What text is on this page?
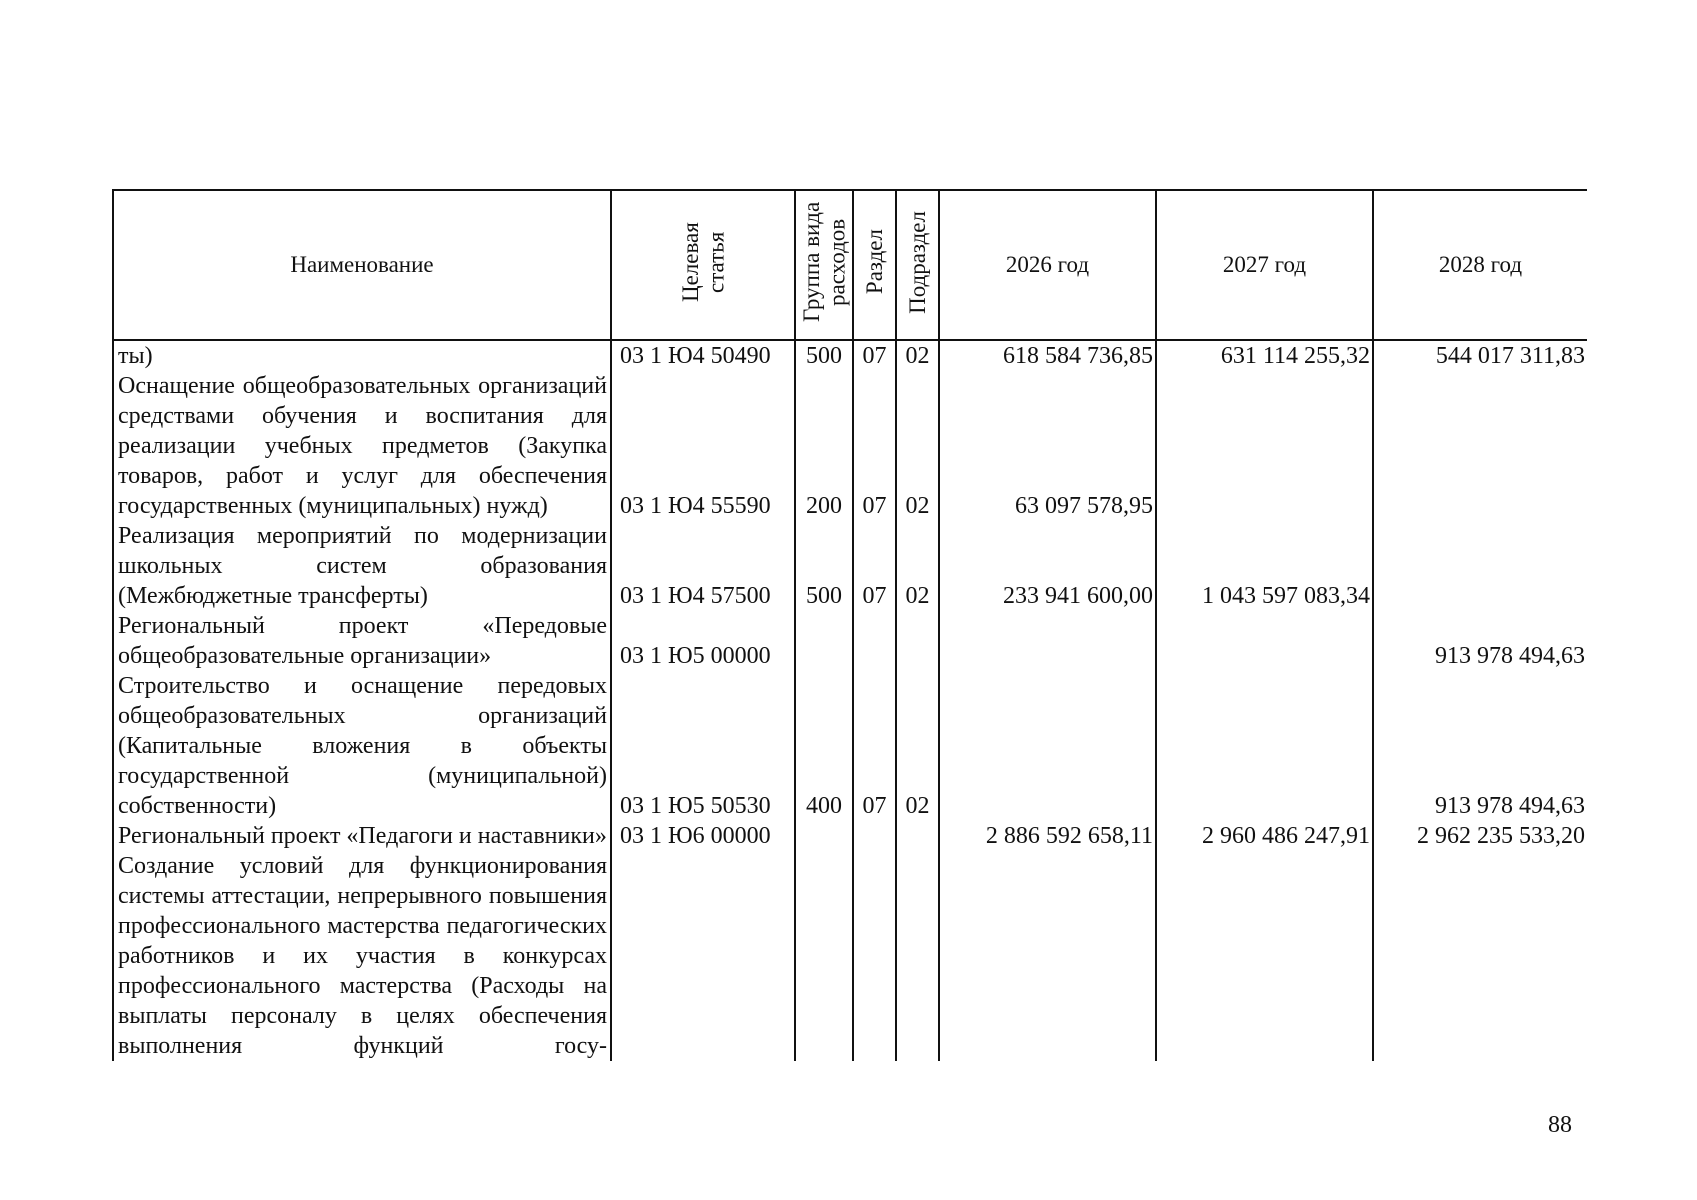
Наименование	Целевая статья	Группа вида расходов	Раздел	Подраздел	2026 год	2027 год	2028 год
ты)	03 1 Ю4 50490	500	07	02	618 584 736,85	631 114 255,32	544 017 311,83
Оснащение общеобразовательных организаций средствами обучения и воспитания для реализации учебных предметов (Закупка товаров, работ и услуг для обеспечения государственных (муниципальных) нужд)	03 1 Ю4 55590	200	07	02	63 097 578,95		
Реализация мероприятий по модернизации школьных систем образования (Межбюджетные трансферты)	03 1 Ю4 57500	500	07	02	233 941 600,00	1 043 597 083,34	
Региональный проект «Передовые общеобразовательные организации»	03 1 Ю5 00000						913 978 494,63
Строительство и оснащение передовых общеобразовательных организаций (Капитальные вложения в объекты государственной (муниципальной) собственности)	03 1 Ю5 50530	400	07	02			913 978 494,63
Региональный проект «Педагоги и наставники»	03 1 Ю6 00000				2 886 592 658,11	2 960 486 247,91	2 962 235 533,20
Создание условий для функционирования системы аттестации, непрерывного повышения профессионального мастерства педагогических работников и их участия в конкурсах профессионального мастерства (Расходы на выплаты персоналу в целях обеспечения выполнения функций госу-							
88
